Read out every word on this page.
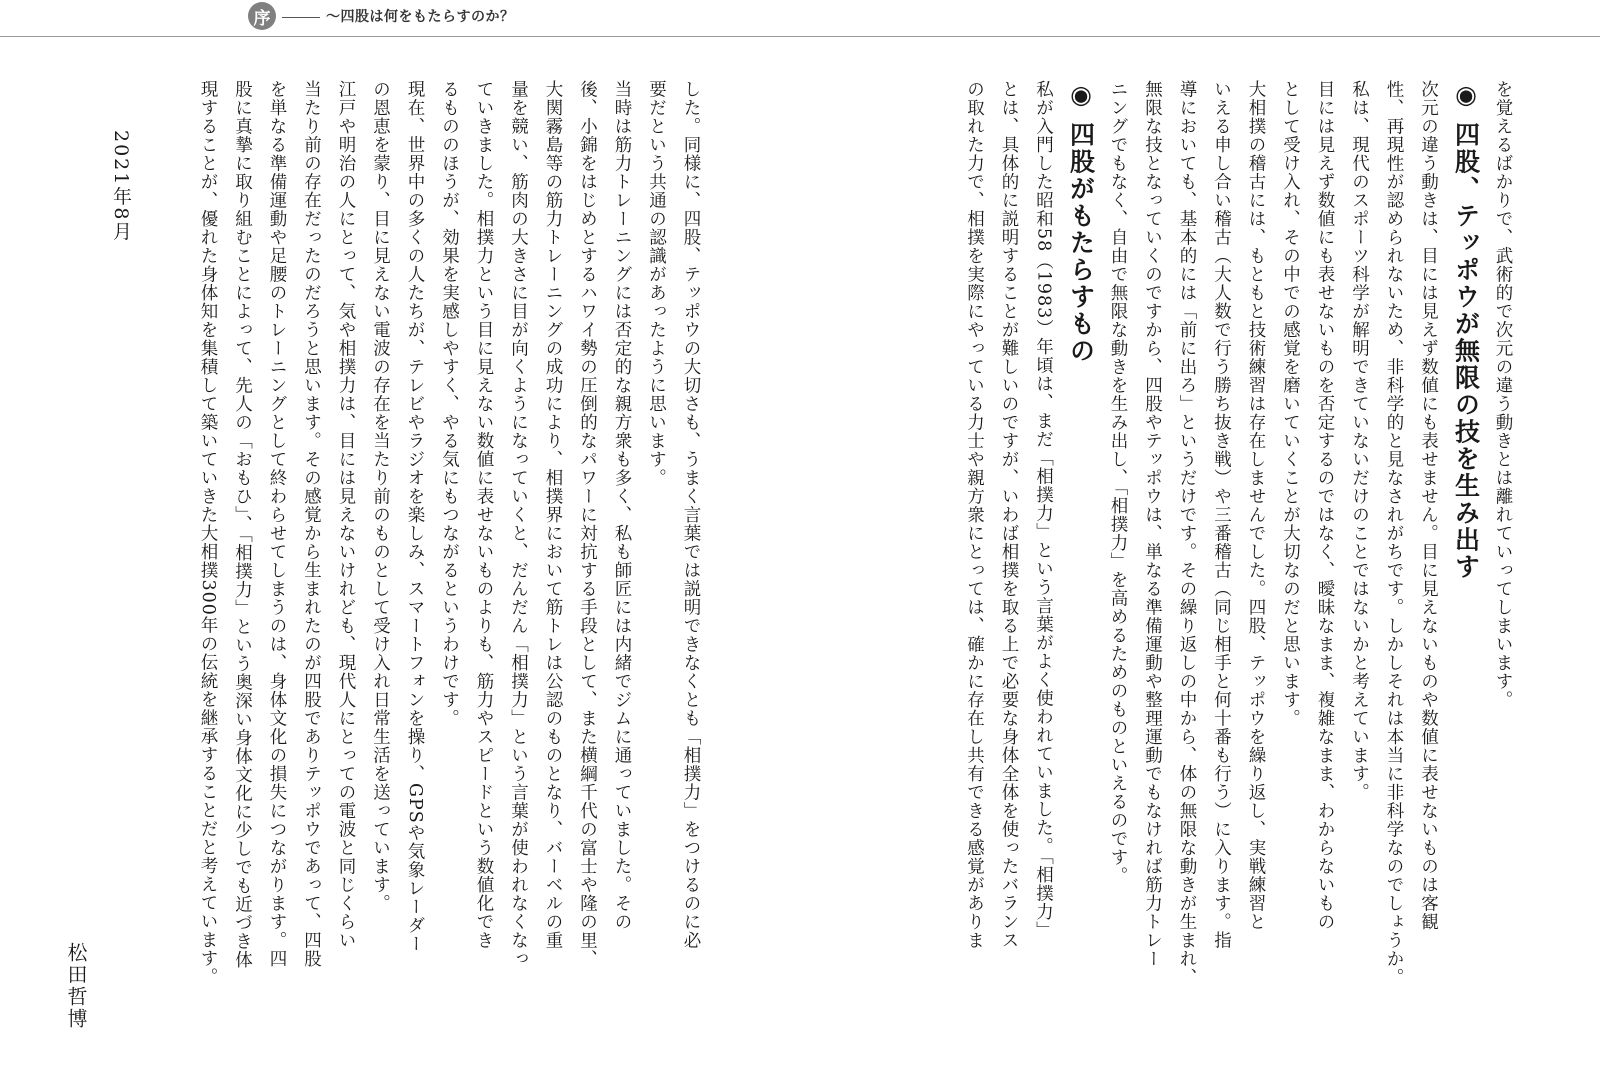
序	〜四股は何をもたらすのか？
を覚えるばかりで、武術的で次元の違う動きとは離れていってしまいます。
◉ 四股、テッポウが無限の技を生み出す
次元の違う動きは、目には見えず数値にも表せません。目に見えないものや数値に表せないものは客観
性、再現性が認められないため、非科学的と見なされがちです。しかしそれは本当に非科学なのでしょうか。
私は、現代のスポーツ科学が解明できていないだけのことではないかと考えています。
目には見えず数値にも表せないものを否定するのではなく、曖昧なまま、複雑なまま、わからないもの
として受け入れ、その中での感覚を磨いていくことが大切なのだと思います。
大相撲の稽古には、もともと技術練習は存在しませんでした。四股、テッポウを繰り返し、実戦練習と
いえる申し合い稽古（大人数で行う勝ち抜き戦）や三番稽古（同じ相手と何十番も行う）に入ります。指
導においても、基本的には「前に出ろ」というだけです。その繰り返しの中から、体の無限な動きが生まれ、
無限な技となっていくのですから、四股やテッポウは、単なる準備運動や整理運動でもなければ筋力トレー
ニングでもなく、自由で無限な動きを生み出し、「相撲力」を高めるためのものといえるのです。
◉ 四股がもたらすもの
私が入門した昭和58（1983）年頃は、まだ「相撲力」という言葉がよく使われていました。「相撲力」
とは、具体的に説明することが難しいのですが、いわば相撲を取る上で必要な身体全体を使ったバランス
の取れた力で、相撲を実際にやっている力士や親方衆にとっては、確かに存在し共有できる感覚がありま
した。同様に、四股、テッポウの大切さも、うまく言葉では説明できなくとも「相撲力」をつけるのに必
要だという共通の認識があったように思います。
当時は筋力トレーニングには否定的な親方衆も多く、私も師匠には内緒でジムに通っていました。その
後、小錦をはじめとするハワイ勢の圧倒的なパワーに対抗する手段として、また横綱千代の富士や隆の里、
大関霧島等の筋力トレーニングの成功により、相撲界において筋トレは公認のものとなり、バーベルの重
量を競い、筋肉の大きさに目が向くようになっていくと、だんだん「相撲力」という言葉が使われなくなっ
ていきました。相撲力という目に見えない数値に表せないものよりも、筋力やスピードという数値化でき
るもののほうが、効果を実感しやすく、やる気にもつながるというわけです。
現在、世界中の多くの人たちが、テレビやラジオを楽しみ、スマートフォンを操り、GPSや気象レーダー
の恩恵を蒙り、目に見えない電波の存在を当たり前のものとして受け入れ日常生活を送っています。
江戸や明治の人にとって、気や相撲力は、目には見えないけれども、現代人にとっての電波と同じくらい
当たり前の存在だったのだろうと思います。その感覚から生まれたのが四股でありテッポウであって、四股
を単なる準備運動や足腰のトレーニングとして終わらせてしまうのは、身体文化の損失につながります。四
股に真摯に取り組むことによって、先人の「おもひ」、「相撲力」という奥深い身体文化に少しでも近づき体
現することが、優れた身体知を集積して築いていきた大相撲300年の伝統を継承することだと考えています。
2021年8月
松田哲博
